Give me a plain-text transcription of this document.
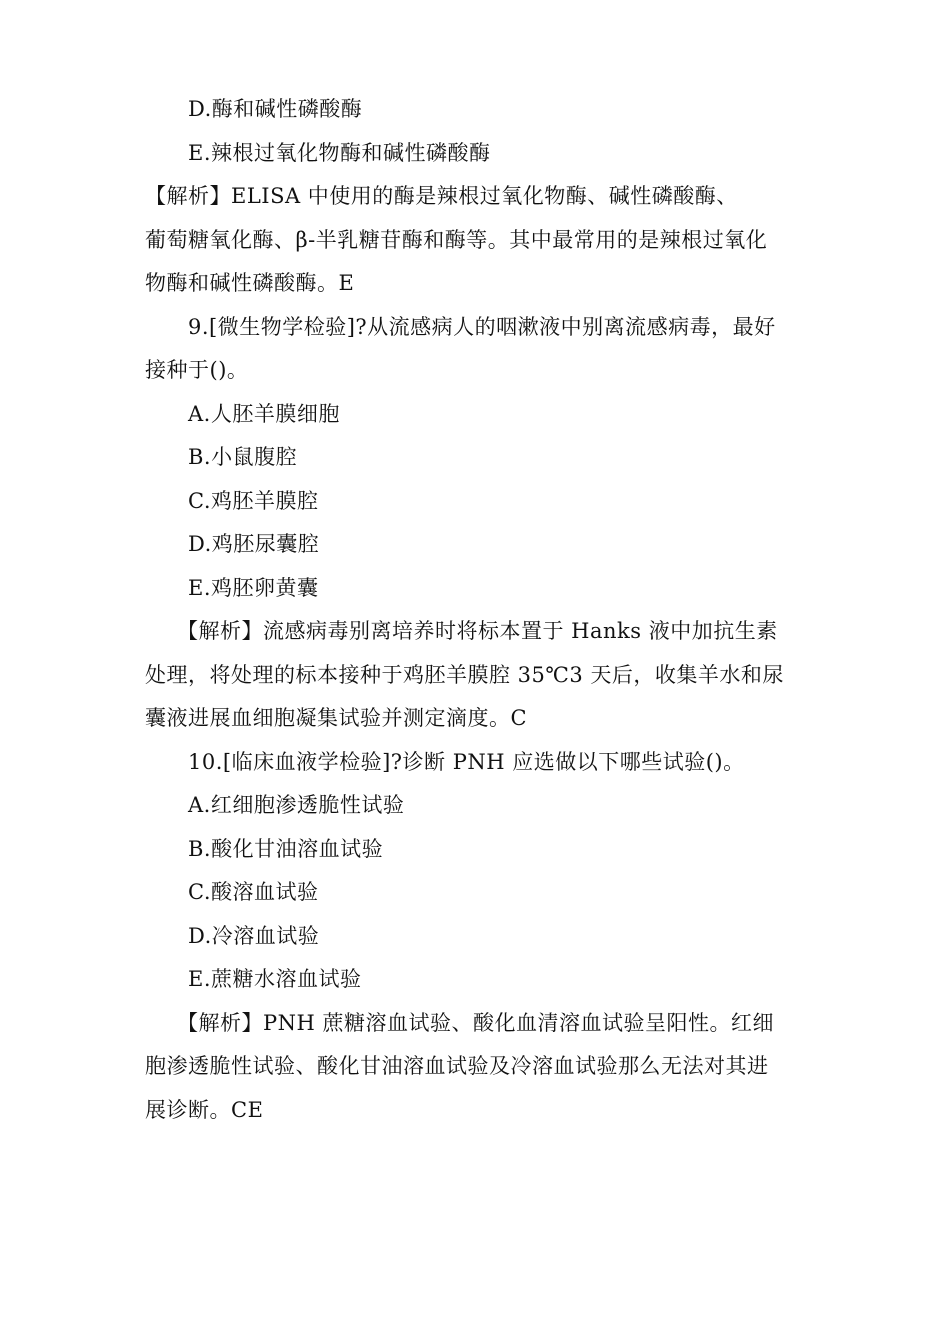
D.酶和碱性磷酸酶
E.辣根过氧化物酶和碱性磷酸酶
【解析】ELISA 中使用的酶是辣根过氧化物酶、碱性磷酸酶、
葡萄糖氧化酶、β-半乳糖苷酶和酶等。其中最常用的是辣根过氧化
物酶和碱性磷酸酶。E
9.[微生物学检验]?从流感病人的咽漱液中别离流感病毒，最好
接种于()。
A.人胚羊膜细胞
B.小鼠腹腔
C.鸡胚羊膜腔
D.鸡胚尿囊腔
E.鸡胚卵黄囊
【解析】流感病毒别离培养时将标本置于 Hanks 液中加抗生素
处理，将处理的标本接种于鸡胚羊膜腔 35℃3 天后，收集羊水和尿
囊液进展血细胞凝集试验并测定滴度。C
10.[临床血液学检验]?诊断 PNH 应选做以下哪些试验()。
A.红细胞渗透脆性试验
B.酸化甘油溶血试验
C.酸溶血试验
D.冷溶血试验
E.蔗糖水溶血试验
【解析】PNH 蔗糖溶血试验、酸化血清溶血试验呈阳性。红细
胞渗透脆性试验、酸化甘油溶血试验及冷溶血试验那么无法对其进
展诊断。CE
